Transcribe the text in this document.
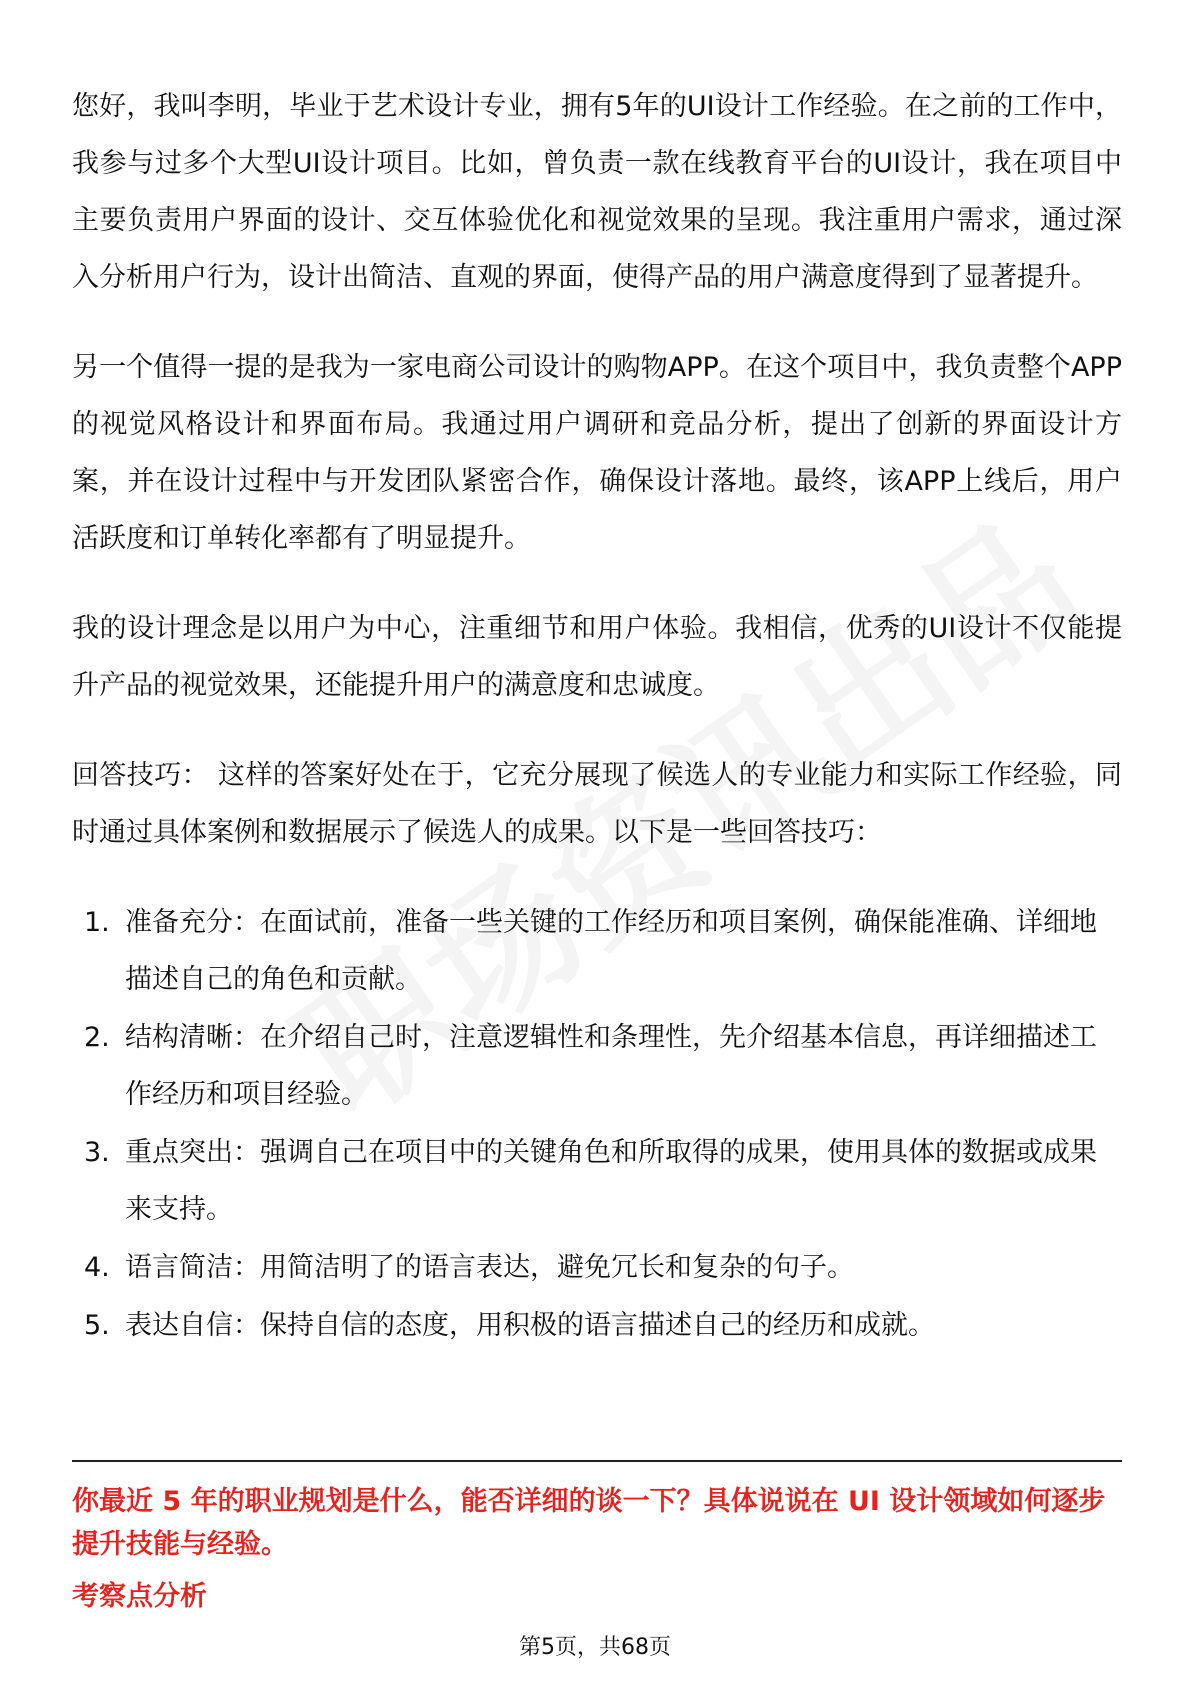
您好，我叫李明，毕业于艺术设计专业，拥有5年的UI设计工作经验。在之前的工作中，我参与过多个大型UI设计项目。比如，曾负责一款在线教育平台的UI设计，我在项目中主要负责用户界面的设计、交互体验优化和视觉效果的呈现。我注重用户需求，通过深入分析用户行为，设计出简洁、直观的界面，使得产品的用户满意度得到了显著提升。

另一个值得一提的是我为一家电商公司设计的购物APP。在这个项目中，我负责整个APP的视觉风格设计和界面布局。我通过用户调研和竞品分析，提出了创新的界面设计方案，并在设计过程中与开发团队紧密合作，确保设计落地。最终，该APP上线后，用户活跃度和订单转化率都有了明显提升。

我的设计理念是以用户为中心，注重细节和用户体验。我相信，优秀的UI设计不仅能提升产品的视觉效果，还能提升用户的满意度和忠诚度。

回答技巧： 这样的答案好处在于，它充分展现了候选人的专业能力和实际工作经验，同时通过具体案例和数据展示了候选人的成果。以下是一些回答技巧：

1. 准备充分：在面试前，准备一些关键的工作经历和项目案例，确保能准确、详细地描述自己的角色和贡献。
2. 结构清晰：在介绍自己时，注意逻辑性和条理性，先介绍基本信息，再详细描述工作经历和项目经验。
3. 重点突出：强调自己在项目中的关键角色和所取得的成果，使用具体的数据或成果来支持。
4. 语言简洁：用简洁明了的语言表达，避免冗长和复杂的句子。
5. 表达自信：保持自信的态度，用积极的语言描述自己的经历和成就。

你最近 5 年的职业规划是什么，能否详细的谈一下？具体说说在 UI 设计领域如何逐步提升技能与经验。

考察点分析

第5页，共68页
